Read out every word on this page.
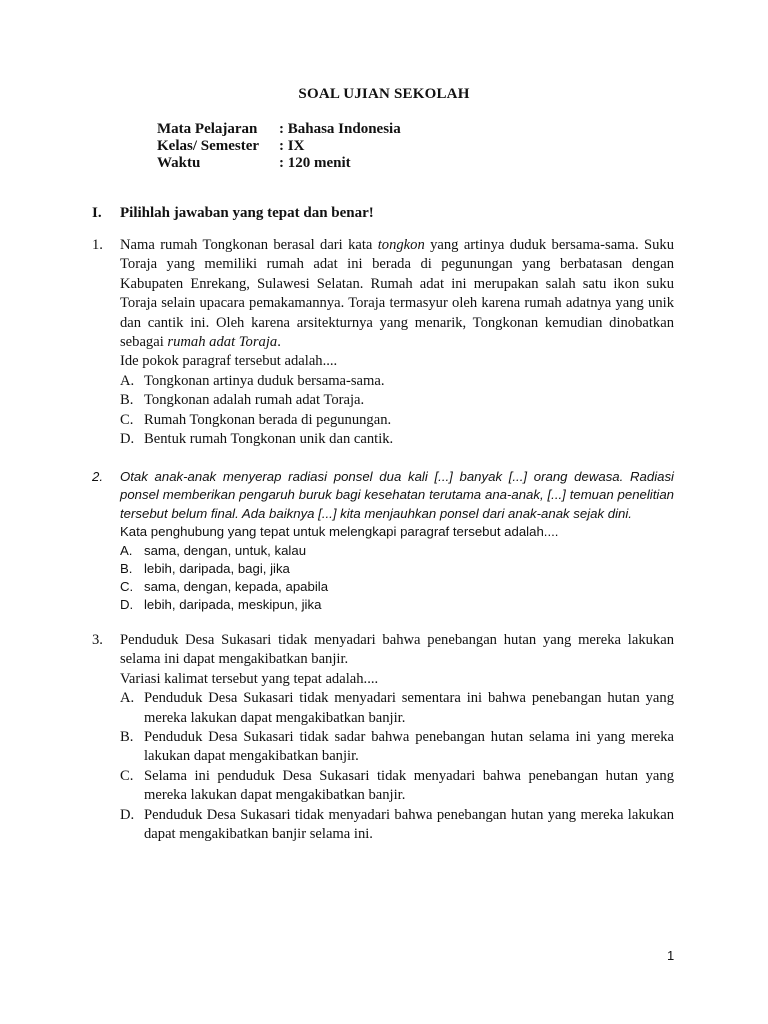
SOAL UJIAN SEKOLAH
Mata Pelajaran : Bahasa Indonesia
Kelas/ Semester : IX
Waktu	: 120 menit
I. Pilihlah jawaban yang tepat dan benar!
1. Nama rumah Tongkonan berasal dari kata tongkon yang artinya duduk bersama-sama. Suku Toraja yang memiliki rumah adat ini berada di pegunungan yang berbatasan dengan Kabupaten Enrekang, Sulawesi Selatan. Rumah adat ini merupakan salah satu ikon suku Toraja selain upacara pemakamannya. Toraja termasyur oleh karena rumah adatnya yang unik dan cantik ini. Oleh karena arsitekturnya yang menarik, Tongkonan kemudian dinobatkan sebagai rumah adat Toraja.

Ide pokok paragraf tersebut adalah....

A. Tongkonan artinya duduk bersama-sama.
B. Tongkonan adalah rumah adat Toraja.
C. Rumah Tongkonan berada di pegunungan.
D. Bentuk rumah Tongkonan unik dan cantik.
2. Otak anak-anak menyerap radiasi ponsel dua kali [...] banyak [...] orang dewasa. Radiasi ponsel memberikan pengaruh buruk bagi kesehatan terutama ana-anak, [...] temuan penelitian tersebut belum final. Ada baiknya [...] kita menjauhkan ponsel dari anak-anak sejak dini.

Kata penghubung yang tepat untuk melengkapi paragraf tersebut adalah....

A. sama, dengan, untuk, kalau
B. lebih, daripada, bagi, jika
C. sama, dengan, kepada, apabila
D. lebih, daripada, meskipun, jika
3. Penduduk Desa Sukasari tidak menyadari bahwa penebangan hutan yang mereka lakukan selama ini dapat mengakibatkan banjir.

Variasi kalimat tersebut yang tepat adalah....

A. Penduduk Desa Sukasari tidak menyadari sementara ini bahwa penebangan hutan yang mereka lakukan dapat mengakibatkan banjir.
B. Penduduk Desa Sukasari tidak sadar bahwa penebangan hutan selama ini yang mereka lakukan dapat mengakibatkan banjir.
C. Selama ini penduduk Desa Sukasari tidak menyadari bahwa penebangan hutan yang mereka lakukan dapat mengakibatkan banjir.
D. Penduduk Desa Sukasari tidak menyadari bahwa penebangan hutan yang mereka lakukan dapat mengakibatkan banjir selama ini.
1
